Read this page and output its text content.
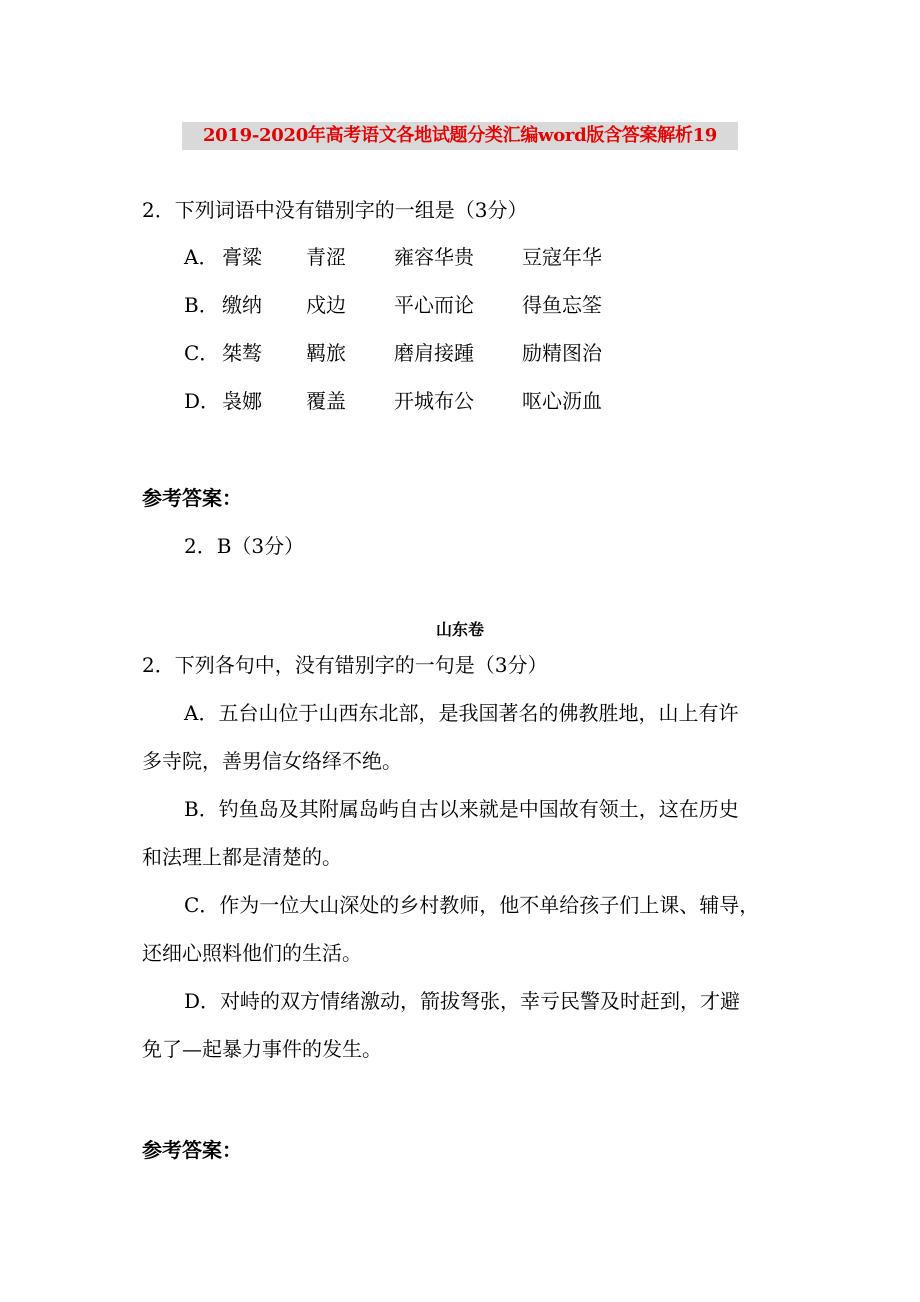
2019-2020年高考语文各地试题分类汇编word版含答案解析19
2．下列词语中没有错别字的一组是（3分）
A． 膏粱 青涩 雍容华贵 豆寇年华
B． 缴纳 戍边 平心而论 得鱼忘筌
C． 桀骜 羁旅 磨肩接踵 励精图治
D． 袅娜 覆盖 开城布公 呕心沥血
参考答案：
2．B（3分）
山东卷
2．下列各句中，没有错别字的一句是（3分）
A．五台山位于山西东北部，是我国著名的佛教胜地，山上有许
多寺院，善男信女络绎不绝。
B．钓鱼岛及其附属岛屿自古以来就是中国故有领土，这在历史
和法理上都是清楚的。
C．作为一位大山深处的乡村教师，他不单给孩子们上课、辅导，
还细心照料他们的生活。
D．对峙的双方情绪激动，箭拔弩张，幸亏民警及时赶到，才避
免了—起暴力事件的发生。
参考答案：
